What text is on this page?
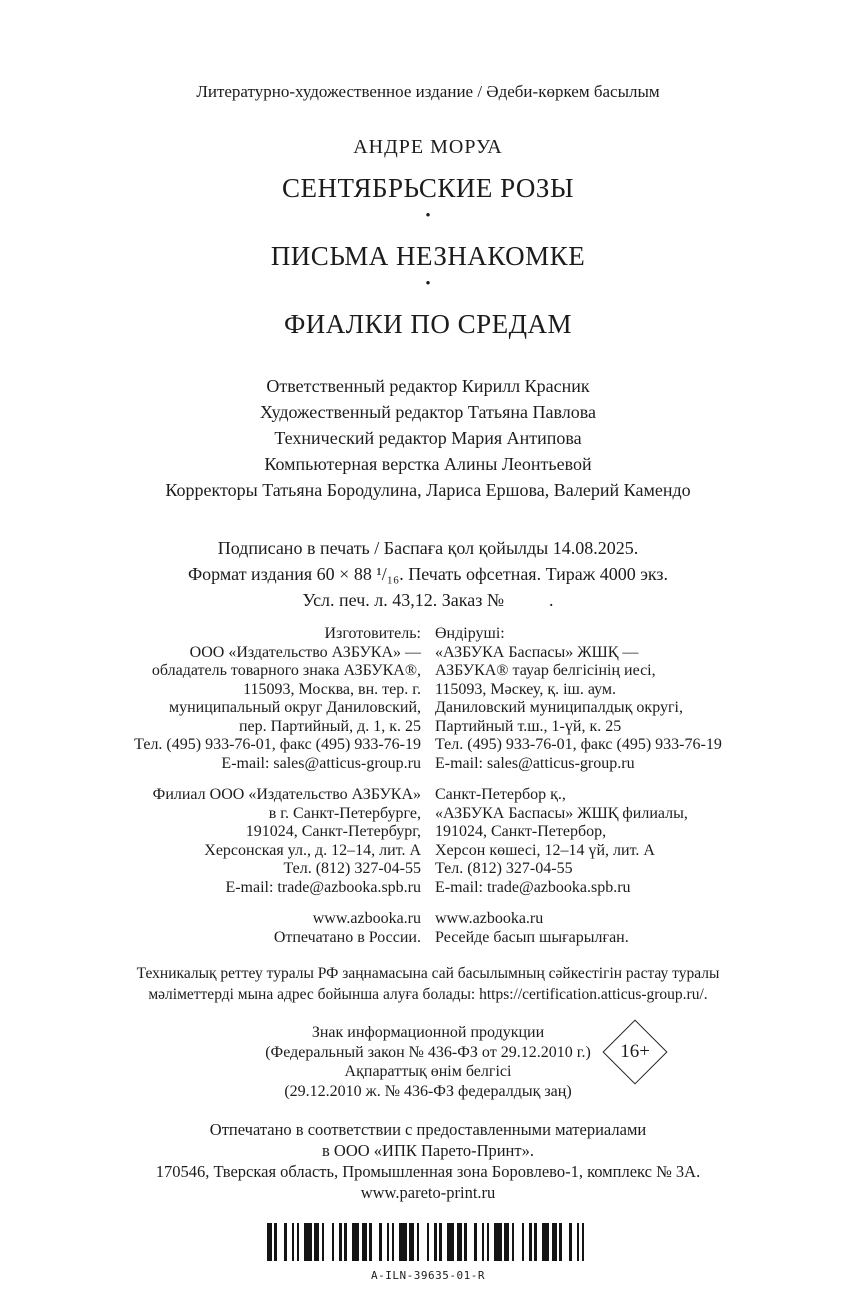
Литературно-художественное издание / Әдеби-көркем басылым
АНДРЕ МОРУА
СЕНТЯБРЬСКИЕ РОЗЫ
•
ПИСЬМА НЕЗНАКОМКЕ
•
ФИАЛКИ ПО СРЕДАМ
Ответственный редактор Кирилл Красник
Художественный редактор Татьяна Павлова
Технический редактор Мария Антипова
Компьютерная верстка Алины Леонтьевой
Корректоры Татьяна Бородулина, Лариса Ершова, Валерий Камендо
Подписано в печать / Баспаға қол қойылды 14.08.2025.
Формат издания 60 × 88 ¹/₁₆. Печать офсетная. Тираж 4000 экз.
Усл. печ. л. 43,12. Заказ №          .
Изготовитель:
ООО «Издательство АЗБУКА» —
обладатель товарного знака АЗБУКА®,
115093, Москва, вн. тер. г.
муниципальный округ Даниловский,
пер. Партийный, д. 1, к. 25
Тел. (495) 933-76-01, факс (495) 933-76-19
E-mail: sales@atticus-group.ru
Филиал ООО «Издательство АЗБУКА»
в г. Санкт-Петербурге,
191024, Санкт-Петербург,
Херсонская ул., д. 12–14, лит. А
Тел. (812) 327-04-55
E-mail: trade@azbooka.spb.ru
www.azbooka.ru
Отпечатано в России.
Өндіруші:
«АЗБУКА Баспасы» ЖШҚ —
АЗБУКА® тауар белгісінің иесі,
115093, Мәскеу, қ. іш. аум.
Даниловский муниципалдық округі,
Партийный т.ш., 1-үй, к. 25
Тел. (495) 933-76-01, факс (495) 933-76-19
E-mail: sales@atticus-group.ru
Санкт-Петербор қ.,
«АЗБУКА Баспасы» ЖШҚ филиалы,
191024, Санкт-Петербор,
Херсон көшесі, 12–14 үй, лит. А
Тел. (812) 327-04-55
E-mail: trade@azbooka.spb.ru
www.azbooka.ru
Ресейде басып шығарылған.
Техникалық реттеу туралы РФ заңнамасына сай басылымның сәйкестігін растау туралы
мәліметтерді мына адрес бойынша алуға болады: https://certification.atticus-group.ru/.
Знак информационной продукции
(Федеральный закон № 436-ФЗ от 29.12.2010 г.)
Ақпараттық өнім белгісі
(29.12.2010 ж. № 436-ФЗ федералдық заң)
16+
Отпечатано в соответствии с предоставленными материалами
в ООО «ИПК Парето-Принт».
170546, Тверская область, Промышленная зона Боровлево-1, комплекс № 3А.
www.pareto-print.ru
A-ILN-39635-01-R
